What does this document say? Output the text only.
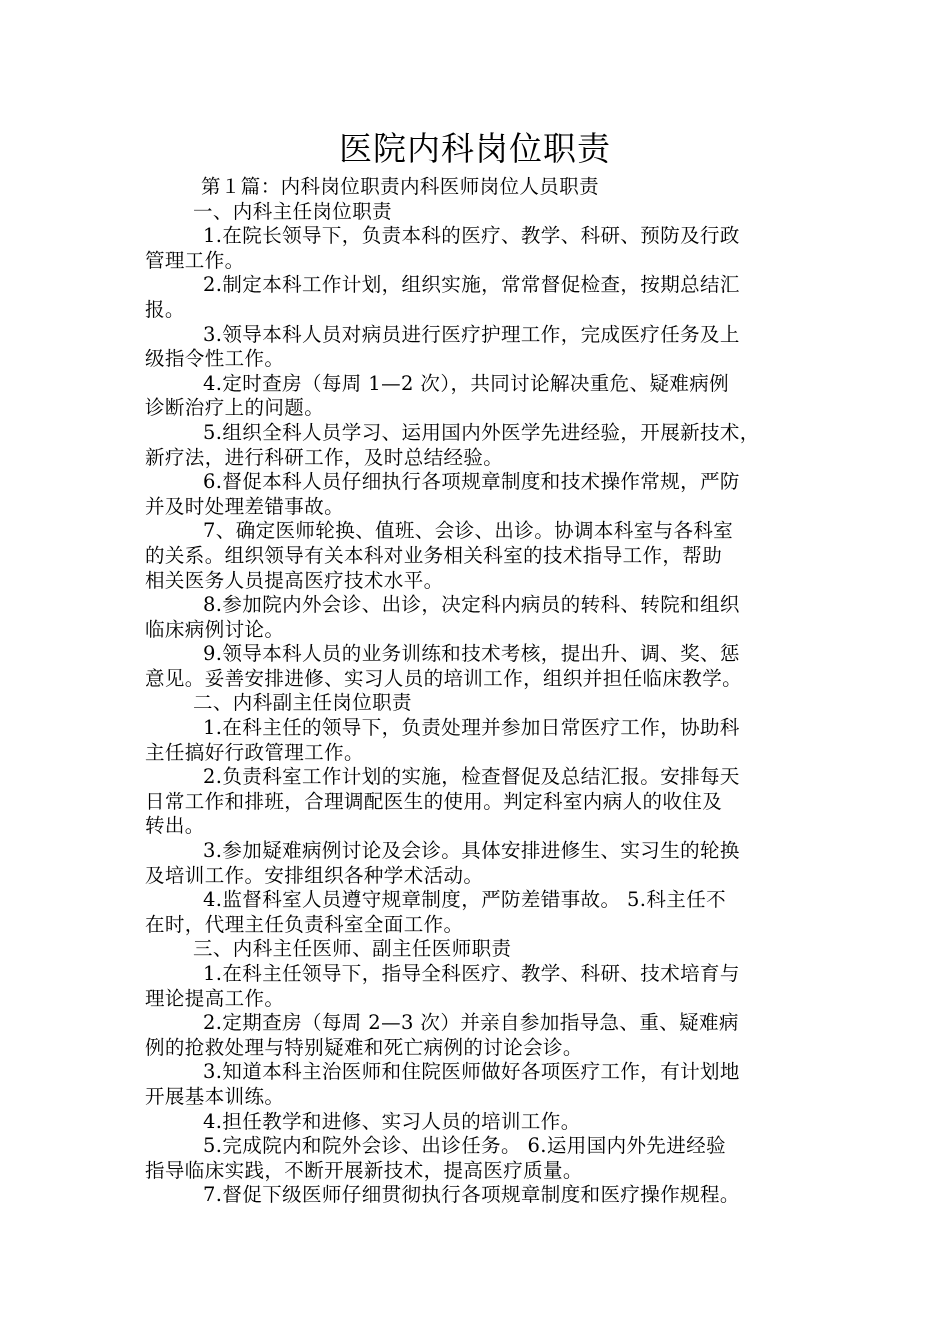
医院内科岗位职责

第１篇：内科岗位职责内科医师岗位人员职责

一、内科主任岗位职责

1.在院长领导下，负责本科的医疗、教学、科研、预防及行政

管理工作。

2.制定本科工作计划，组织实施，常常督促检查，按期总结汇

报。

3.领导本科人员对病员进行医疗护理工作，完成医疗任务及上

级指令性工作。

4.定时查房（每周 1—2 次），共同讨论解决重危、疑难病例

诊断治疗上的问题。

5.组织全科人员学习、运用国内外医学先进经验，开展新技术，

新疗法，进行科研工作，及时总结经验。

6.督促本科人员仔细执行各项规章制度和技术操作常规，严防

并及时处理差错事故。

7、确定医师轮换、值班、会诊、出诊。协调本科室与各科室

的关系。组织领导有关本科对业务相关科室的技术指导工作，帮助

相关医务人员提高医疗技术水平。

8.参加院内外会诊、出诊，决定科内病员的转科、转院和组织

临床病例讨论。

9.领导本科人员的业务训练和技术考核，提出升、调、奖、惩

意见。妥善安排进修、实习人员的培训工作，组织并担任临床教学。

二、内科副主任岗位职责

1.在科主任的领导下，负责处理并参加日常医疗工作，协助科

主任搞好行政管理工作。

2.负责科室工作计划的实施，检查督促及总结汇报。安排每天

日常工作和排班，合理调配医生的使用。判定科室内病人的收住及

转出。

3.参加疑难病例讨论及会诊。具体安排进修生、实习生的轮换

及培训工作。安排组织各种学术活动。

4.监督科室人员遵守规章制度，严防差错事故。 5.科主任不

在时，代理主任负责科室全面工作。

三、内科主任医师、副主任医师职责

1.在科主任领导下，指导全科医疗、教学、科研、技术培育与

理论提高工作。

2.定期查房（每周 2—3 次）并亲自参加指导急、重、疑难病

例的抢救处理与特别疑难和死亡病例的讨论会诊。

3.知道本科主治医师和住院医师做好各项医疗工作，有计划地

开展基本训练。

4.担任教学和进修、实习人员的培训工作。

5.完成院内和院外会诊、出诊任务。 6.运用国内外先进经验

指导临床实践，不断开展新技术，提高医疗质量。

7.督促下级医师仔细贯彻执行各项规章制度和医疗操作规程。
